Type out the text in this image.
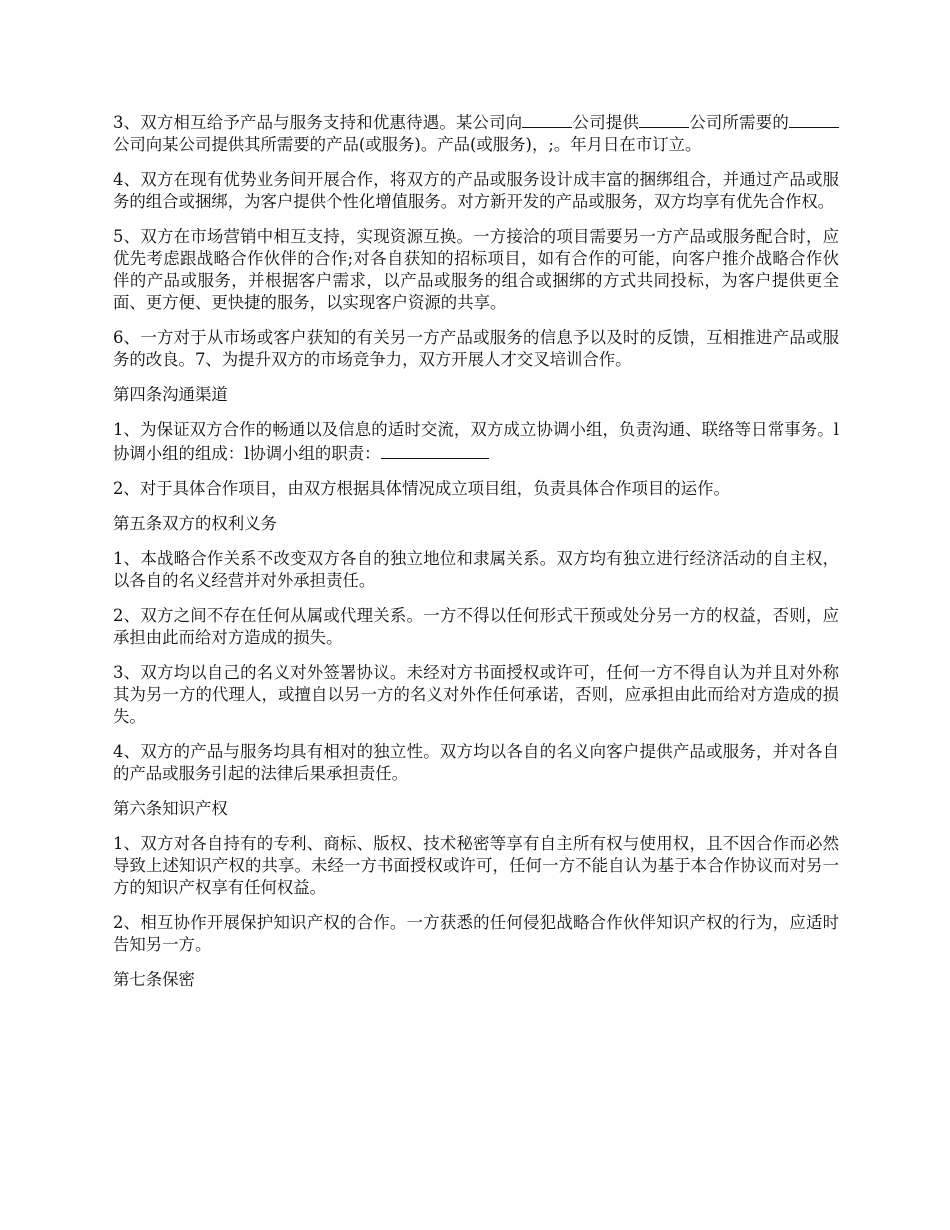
3、双方相互给予产品与服务支持和优惠待遇。某公司向	公司提供	公司所需要的公司向某公司提供其所需要的产品(或服务)。产品(或服务)，;。年月日在市订立。

4、双方在现有优势业务间开展合作，将双方的产品或服务设计成丰富的捆绑组合，并通过产品或服务的组合或捆绑，为客户提供个性化增值服务。对方新开发的产品或服务，双方均享有优先合作权。

5、双方在市场营销中相互支持，实现资源互换。一方接洽的项目需要另一方产品或服务配合时，应优先考虑跟战略合作伙伴的合作;对各自获知的招标项目，如有合作的可能，向客户推介战略合作伙伴的产品或服务，并根据客户需求，以产品或服务的组合或捆绑的方式共同投标，为客户提供更全面、更方便、更快捷的服务，以实现客户资源的共享。

6、一方对于从市场或客户获知的有关另一方产品或服务的信息予以及时的反馈，互相推进产品或服务的改良。7、为提升双方的市场竞争力，双方开展人才交叉培训合作。

第四条沟通渠道

1、为保证双方合作的畅通以及信息的适时交流，双方成立协调小组，负责沟通、联络等日常事务。l协调小组的组成：l协调小组的职责：

2、对于具体合作项目，由双方根据具体情况成立项目组，负责具体合作项目的运作。

第五条双方的权利义务

1、本战略合作关系不改变双方各自的独立地位和隶属关系。双方均有独立进行经济活动的自主权，以各自的名义经营并对外承担责任。

2、双方之间不存在任何从属或代理关系。一方不得以任何形式干预或处分另一方的权益，否则，应承担由此而给对方造成的损失。

3、双方均以自己的名义对外签署协议。未经对方书面授权或许可，任何一方不得自认为并且对外称其为另一方的代理人，或擅自以另一方的名义对外作任何承诺，否则，应承担由此而给对方造成的损失。

4、双方的产品与服务均具有相对的独立性。双方均以各自的名义向客户提供产品或服务，并对各自的产品或服务引起的法律后果承担责任。

第六条知识产权

1、双方对各自持有的专利、商标、版权、技术秘密等享有自主所有权与使用权，且不因合作而必然导致上述知识产权的共享。未经一方书面授权或许可，任何一方不能自认为基于本合作协议而对另一方的知识产权享有任何权益。

2、相互协作开展保护知识产权的合作。一方获悉的任何侵犯战略合作伙伴知识产权的行为，应适时告知另一方。

第七条保密
